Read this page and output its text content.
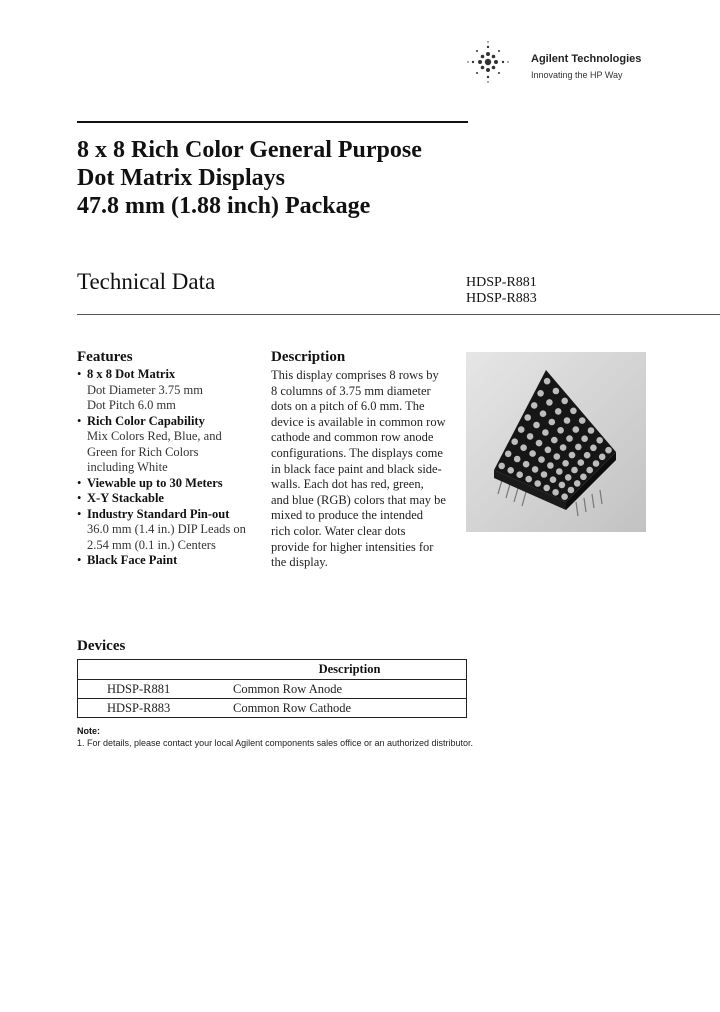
Agilent Technologies
Innovating the HP Way
8 x 8 Rich Color General Purpose
Dot Matrix Displays
47.8 mm (1.88 inch) Package
Technical Data	HDSP-R881
HDSP-R883
Features
• 8 x 8 Dot Matrix
Dot Diameter 3.75 mm
Dot Pitch 6.0 mm
• Rich Color Capability
Mix Colors Red, Blue, and
Green for Rich Colors
including White
• Viewable up to 30 Meters
• X-Y Stackable
• Industry Standard Pin-out
36.0 mm (1.4 in.) DIP Leads on
2.54 mm (0.1 in.) Centers
• Black Face Paint
Description
This display comprises 8 rows by
8 columns of 3.75 mm diameter
dots on a pitch of 6.0 mm. The
device is available in common row
cathode and common row anode
configurations. The displays come
in black face paint and black side-
walls. Each dot has red, green,
and blue (RGB) colors that may be
mixed to produce the intended
rich color. Water clear dots
provide for higher intensities for
the display.
Devices
	Description
HDSP-R881	Common Row Anode
HDSP-R883	Common Row Cathode
Note:
1. For details, please contact your local Agilent components sales office or an authorized distributor.
